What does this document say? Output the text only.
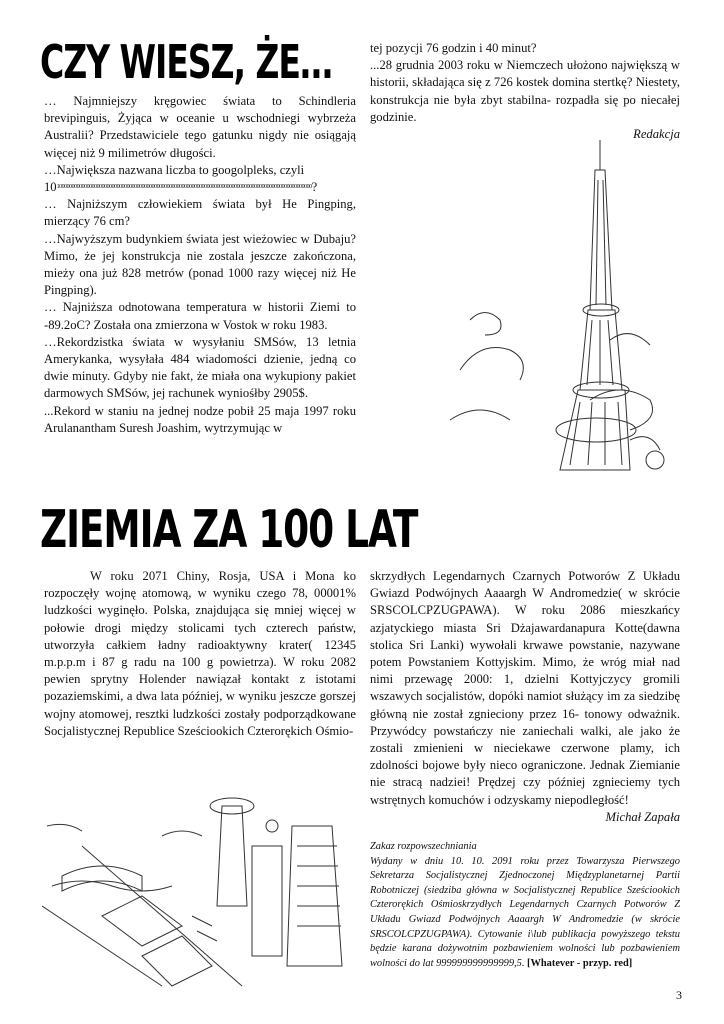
CZY WIESZ, ŻE…

… Najmniejszy kręgowiec świata to Schindleria brevipinguis, Żyjąca w oceanie u wschodniegi wybrzeża Australii? Przedstawiciele tego gatunku nigdy nie osiągają więcej niż 9 milimetrów długości.

…Największa nazwana liczba to googolpleks, czyli

$10^{100000000000000000000000000000000000000000000000000000000000000000000000000000000000000000000000000000}$?

… Najniższym człowiekiem świata był He Pingping, mierzący 76 cm?

…Najwyższym budynkiem świata jest wieżowiec w Dubaju? Mimo, że jej konstrukcja nie zostala jeszcze zakończona, mieży ona już 828 metrów (ponad 1000 razy więcej niż He Pingping).

… Najniższa odnotowana temperatura w historii Ziemi to -89.2oC? Została ona zmierzona w Vostok w roku 1983.

…Rekordzistka świata w wysyłaniu SMSów, 13 letnia Amerykanka, wysyłała 484 wiadomości dzienie, jedną co dwie minuty. Gdyby nie fakt, że miała ona wykupiony pakiet darmowych SMSów, jej rachunek wyniośłby 2905$.

...Rekord w staniu na jednej nodze pobił 25 maja 1997 roku Arulanantham Suresh Joashim, wytrzymując w

tej pozycji 76 godzin i 40 minut?

...28 grudnia 2003 roku w Niemczech ułożono największą w historii, składająca się z 726 kostek domina stertkę? Niestety, konstrukcja nie była zbyt stabilna- rozpadła się po niecałej godzinie.

Redakcja

ZIEMIA ZA 100 LAT

W roku 2071 Chiny, Rosja, USA i Mona ko rozpoczęły wojnę atomową, w wyniku czego 78, 00001% ludzkości wyginęło. Polska, znajdująca się mniej więcej w połowie drogi między stolicami tych czterech państw, utworzyła całkiem ładny radioaktywny krater( 12345 m.p.p.m i 87 g radu na 100 g powietrza). W roku 2082 pewien sprytny Holender nawiązał kontakt z istotami pozaziemskimi, a dwa lata później, w wyniku jeszcze gorszej wojny atomowej, resztki ludzkości zostały podporządkowane Socjalistycznej Republice Sześciookich Czterorękich Ośmio-

skrzydłych Legendarnych Czarnych Potworów Z Układu Gwiazd Podwójnych Aaaargh W Andromedzie( w skrócie SRSCOLCPZUGPAWA). W roku 2086 mieszkańcy azjatyckiego miasta Sri Dżajawardanapura Kotte(dawna stolica Sri Lanki) wywołali krwawe powstanie, nazywane potem Powstaniem Kottyjskim. Mimo, że wróg miał nad nimi przewagę 2000: 1, dzielni Kottyjczycy gromili wszawych socjalistów, dopóki namiot służący im za siedzibę główną nie został zgnieciony przez 16- tonowy odważnik. Przywódcy powstańczy nie zaniechali walki, ale jako że zostali zmienieni w nieciekawe czerwone plamy, ich zdolności bojowe były nieco ograniczone. Jednak Ziemianie nie stracą nadziei! Prędzej czy później zgnieciemy tych wstrętnych komuchów i odzyskamy niepodległość!

Michał Zapała

Zakaz rozpowszechniania

Wydany w dniu 10. 10. 2091 roku przez Towarzysza Pierwszego Sekretarza Socjalistycznej Zjednoczonej Międzyplanetarnej Partii Robotniczej (siedziba główna w Socjalistycznej Republice Sześciookich Czterorękich Ośmioskrzydłych Legendarnych Czarnych Potworów Z Układu Gwiazd Podwójnych Aaaargh W Andromedzie (w skrócie SRSCOLCPZUGPAWA). Cytowanie i\lub publikacja powyższego tekstu będzie karana dożywotnim pozbawieniem wolności lub pozbawieniem wolności do lat 999999999999999,5. [Whatever - przyp. red]

3
